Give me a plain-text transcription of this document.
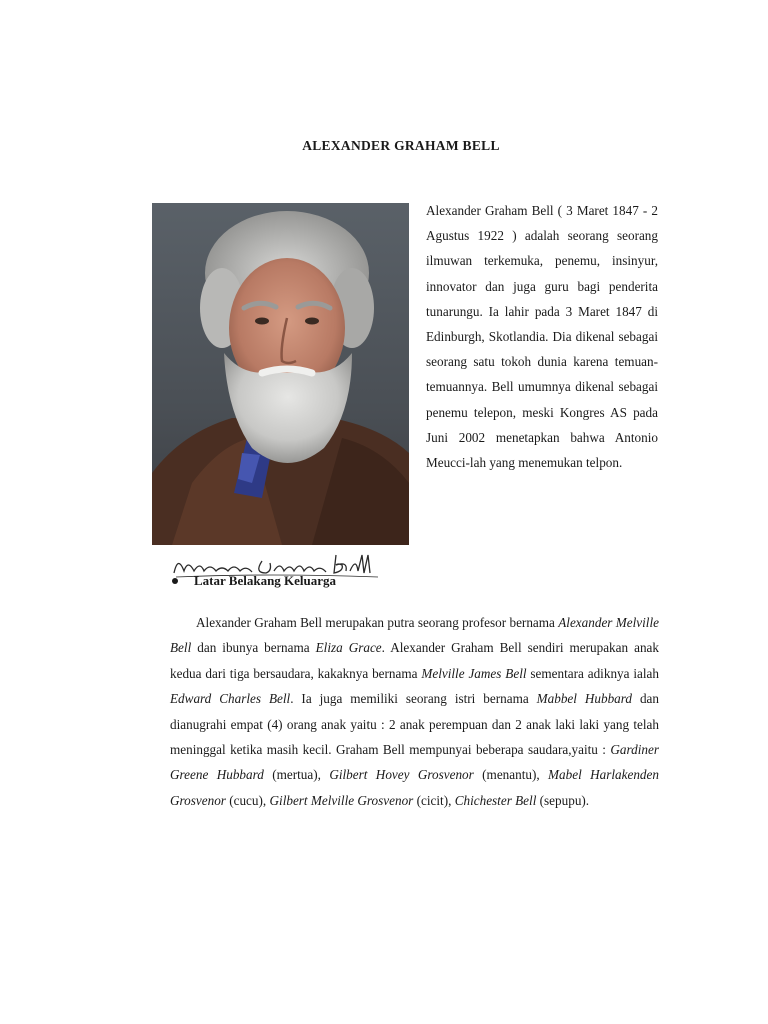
ALEXANDER GRAHAM BELL

Alexander Graham Bell ( 3 Maret 1847 - 2 Agustus 1922 ) adalah seorang seorang ilmuwan terkemuka, penemu, insinyur, innovator dan juga guru bagi penderita tunarungu. Ia lahir pada 3 Maret 1847 di Edinburgh, Skotlandia. Dia dikenal sebagai seorang satu tokoh dunia karena temuan-temuannya. Bell umumnya dikenal sebagai penemu telepon, meski Kongres AS pada Juni 2002 menetapkan bahwa Antonio Meucci-lah yang menemukan telpon.

Latar Belakang Keluarga

Alexander Graham Bell merupakan putra seorang profesor bernama Alexander Melville Bell dan ibunya bernama Eliza Grace. Alexander Graham Bell sendiri merupakan anak kedua dari tiga bersaudara, kakaknya bernama Melville James Bell sementara adiknya ialah Edward Charles Bell. Ia juga memiliki seorang istri bernama Mabbel Hubbard dan dianugrahi empat (4) orang anak yaitu : 2 anak perempuan dan 2 anak laki laki yang telah meninggal ketika masih kecil. Graham Bell mempunyai beberapa saudara,yaitu : Gardiner Greene Hubbard (mertua), Gilbert Hovey Grosvenor (menantu), Mabel Harlakenden Grosvenor (cucu), Gilbert Melville Grosvenor (cicit), Chichester Bell (sepupu).
